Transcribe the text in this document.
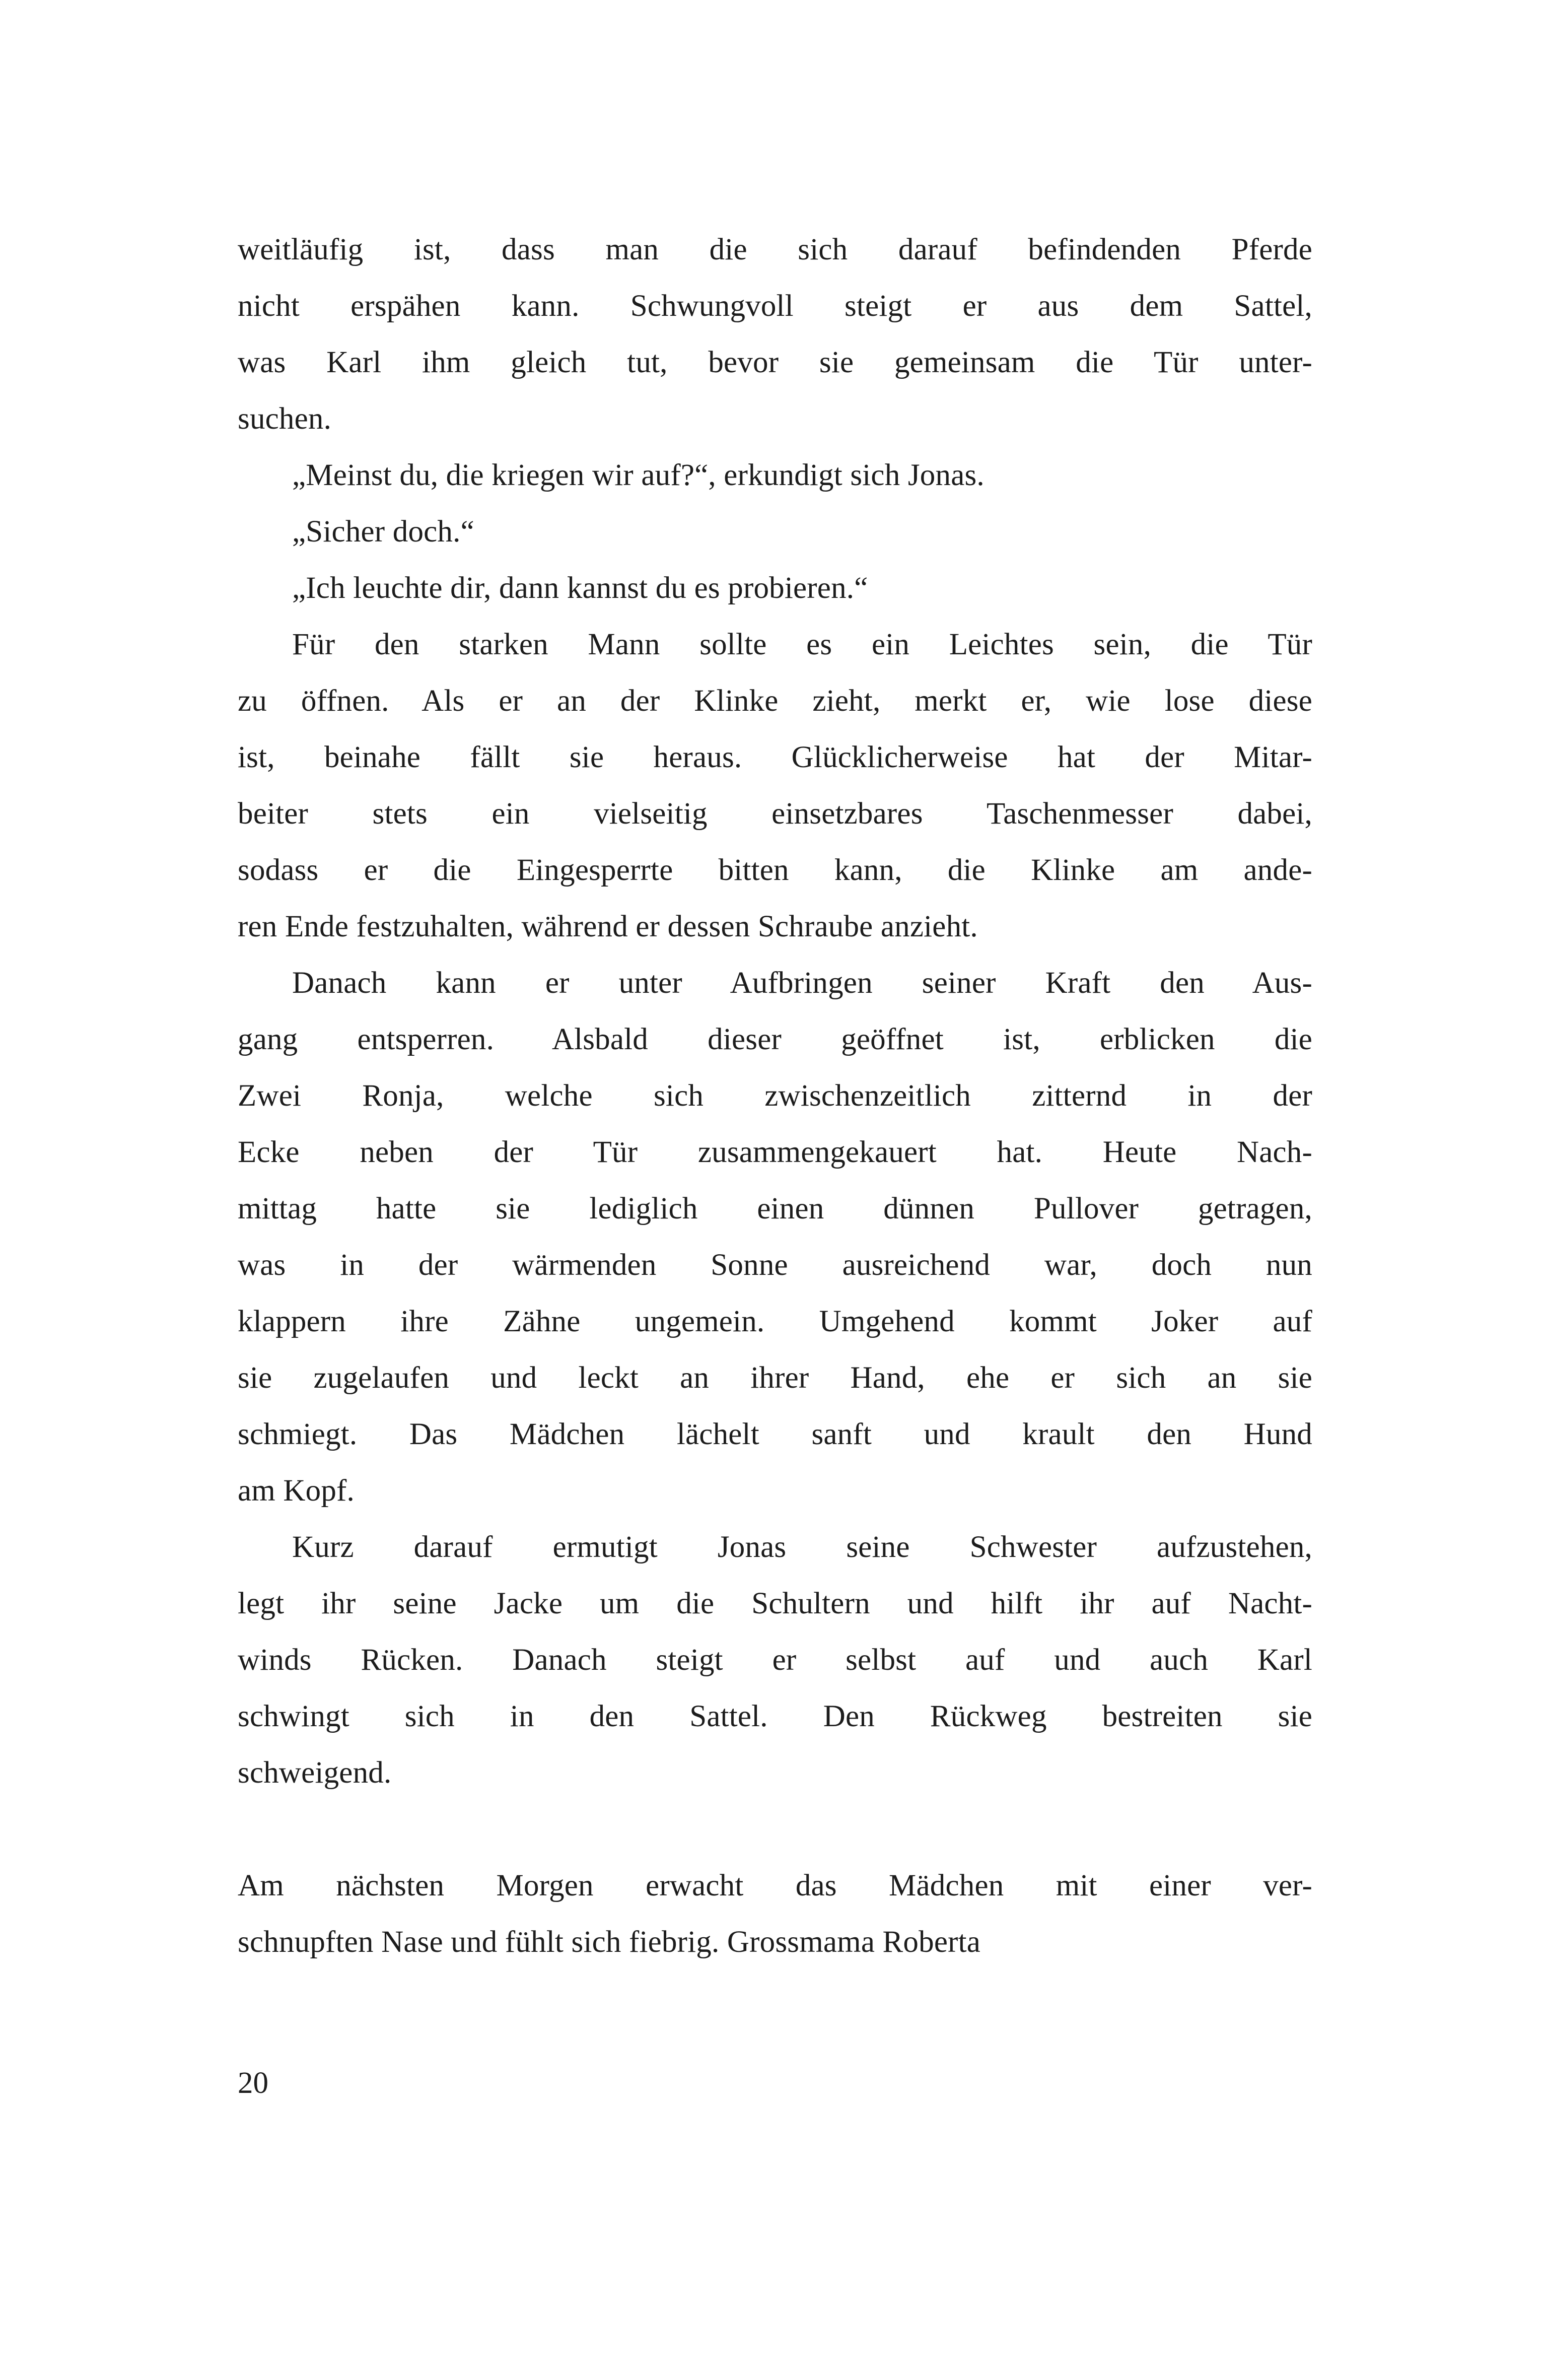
weitläufig ist, dass man die sich darauf befindenden Pferde
nicht erspähen kann. Schwungvoll steigt er aus dem Sattel,
was Karl ihm gleich tut, bevor sie gemeinsam die Tür unter-
suchen.
„Meinst du, die kriegen wir auf?“, erkundigt sich Jonas.
„Sicher doch.“
„Ich leuchte dir, dann kannst du es probieren.“
Für den starken Mann sollte es ein Leichtes sein, die Tür
zu öffnen. Als er an der Klinke zieht, merkt er, wie lose diese
ist, beinahe fällt sie heraus. Glücklicherweise hat der Mitar-
beiter stets ein vielseitig einsetzbares Taschenmesser dabei,
sodass er die Eingesperrte bitten kann, die Klinke am ande-
ren Ende festzuhalten, während er dessen Schraube anzieht.
Danach kann er unter Aufbringen seiner Kraft den Aus-
gang entsperren. Alsbald dieser geöffnet ist, erblicken die
Zwei Ronja, welche sich zwischenzeitlich zitternd in der
Ecke neben der Tür zusammengekauert hat. Heute Nach-
mittag hatte sie lediglich einen dünnen Pullover getragen,
was in der wärmenden Sonne ausreichend war, doch nun
klappern ihre Zähne ungemein. Umgehend kommt Joker auf
sie zugelaufen und leckt an ihrer Hand, ehe er sich an sie
schmiegt. Das Mädchen lächelt sanft und krault den Hund
am Kopf.
Kurz darauf ermutigt Jonas seine Schwester aufzustehen,
legt ihr seine Jacke um die Schultern und hilft ihr auf Nacht-
winds Rücken. Danach steigt er selbst auf und auch Karl
schwingt sich in den Sattel. Den Rückweg bestreiten sie
schweigend.
Am nächsten Morgen erwacht das Mädchen mit einer ver-
schnupften Nase und fühlt sich fiebrig. Grossmama Roberta
20
